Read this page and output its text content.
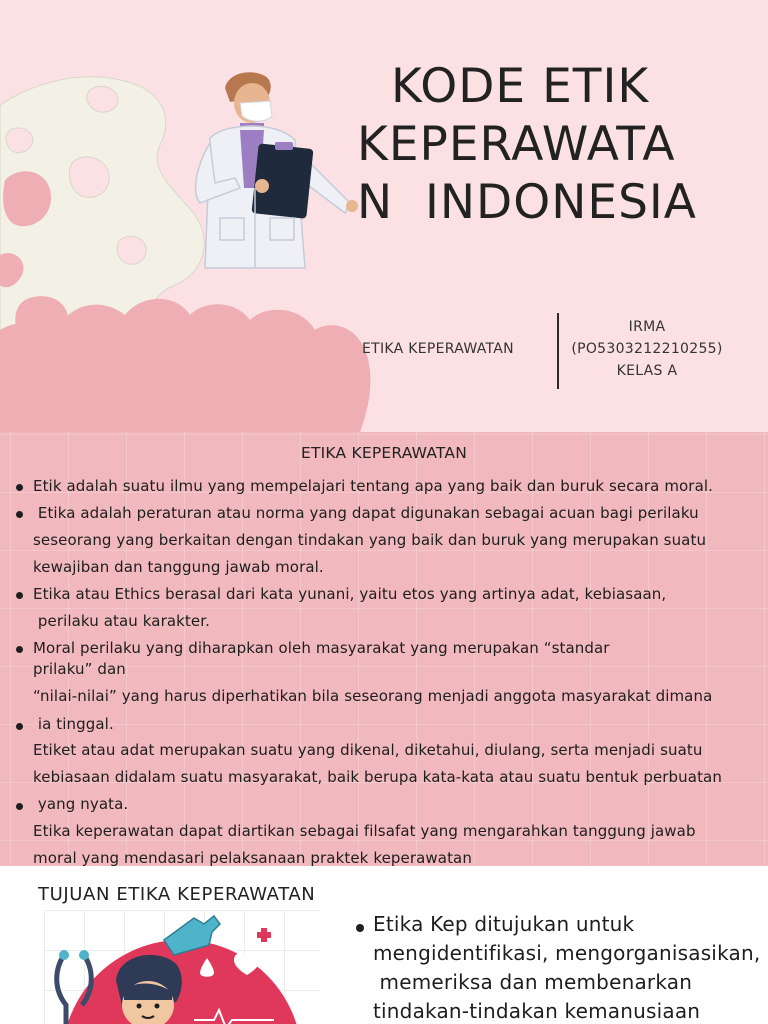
KODE ETIK
KEPERAWATA
N  INDONESIA
ETIKA KEPERAWATAN
IRMA
(PO5303212210255)
KELAS A
ETIKA KEPERAWATAN
Etik adalah suatu ilmu yang mempelajari tentang apa yang baik dan buruk secara moral.
Etika adalah peraturan atau norma yang dapat digunakan sebagai acuan bagi perilaku
seseorang yang berkaitan dengan tindakan yang baik dan buruk yang merupakan suatu
kewajiban dan tanggung jawab moral.
Etika atau Ethics berasal dari kata yunani, yaitu etos yang artinya adat, kebiasaan,
perilaku atau karakter.
Moral perilaku yang diharapkan oleh masyarakat yang merupakan “standar
prilaku” dan
“nilai-nilai” yang harus diperhatikan bila seseorang menjadi anggota masyarakat dimana
ia tinggal.
Etiket atau adat merupakan suatu yang dikenal, diketahui, diulang, serta menjadi suatu
kebiasaan didalam suatu masyarakat, baik berupa kata-kata atau suatu bentuk perbuatan
yang nyata.
Etika keperawatan dapat diartikan sebagai filsafat yang mengarahkan tanggung jawab
moral yang mendasari pelaksanaan praktek keperawatan
TUJUAN ETIKA KEPERAWATAN
Etika Kep ditujukan untuk
mengidentifikasi, mengorganisasikan,
memeriksa dan membenarkan
tindakan-tindakan kemanusiaan
